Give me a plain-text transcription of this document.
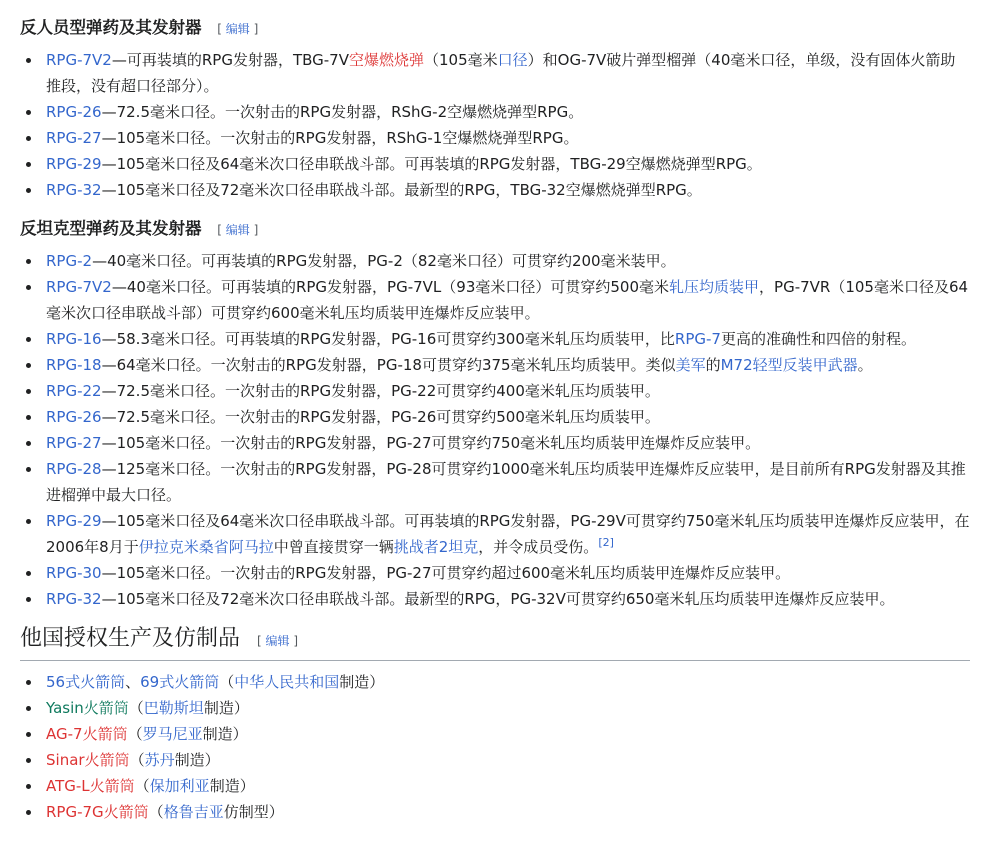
反人员型弹药及其发射器 [ 编辑 ]
RPG-7V2—可再装填的RPG发射器，TBG-7V空爆燃烧弹（105毫米口径）和OG-7V破片弹型榴弹（40毫米口径，单级，没有固体火箭助推段，没有超口径部分）。
RPG-26—72.5毫米口径。一次射击的RPG发射器，RShG-2空爆燃烧弹型RPG。
RPG-27—105毫米口径。一次射击的RPG发射器，RShG-1空爆燃烧弹型RPG。
RPG-29—105毫米口径及64毫米次口径串联战斗部。可再装填的RPG发射器，TBG-29空爆燃烧弹型RPG。
RPG-32—105毫米口径及72毫米次口径串联战斗部。最新型的RPG，TBG-32空爆燃烧弹型RPG。
反坦克型弹药及其发射器 [ 编辑 ]
RPG-2—40毫米口径。可再装填的RPG发射器，PG-2（82毫米口径）可贯穿约200毫米装甲。
RPG-7V2—40毫米口径。可再装填的RPG发射器，PG-7VL（93毫米口径）可贯穿约500毫米轧压均质装甲，PG-7VR（105毫米口径及64毫米次口径串联战斗部）可贯穿约600毫米轧压均质装甲连爆炸反应装甲。
RPG-16—58.3毫米口径。可再装填的RPG发射器，PG-16可贯穿约300毫米轧压均质装甲，比RPG-7更高的准确性和四倍的射程。
RPG-18—64毫米口径。一次射击的RPG发射器，PG-18可贯穿约375毫米轧压均质装甲。类似美军的M72轻型反装甲武器。
RPG-22—72.5毫米口径。一次射击的RPG发射器，PG-22可贯穿约400毫米轧压均质装甲。
RPG-26—72.5毫米口径。一次射击的RPG发射器，PG-26可贯穿约500毫米轧压均质装甲。
RPG-27—105毫米口径。一次射击的RPG发射器，PG-27可贯穿约750毫米轧压均质装甲连爆炸反应装甲。
RPG-28—125毫米口径。一次射击的RPG发射器，PG-28可贯穿约1000毫米轧压均质装甲连爆炸反应装甲，是目前所有RPG发射器及其推进榴弹中最大口径。
RPG-29—105毫米口径及64毫米次口径串联战斗部。可再装填的RPG发射器，PG-29V可贯穿约750毫米轧压均质装甲连爆炸反应装甲，在2006年8月于伊拉克米桑省阿马拉中曾直接贯穿一辆挑战者2坦克，并令成员受伤。[2]
RPG-30—105毫米口径。一次射击的RPG发射器，PG-27可贯穿约超过600毫米轧压均质装甲连爆炸反应装甲。
RPG-32—105毫米口径及72毫米次口径串联战斗部。最新型的RPG，PG-32V可贯穿约650毫米轧压均质装甲连爆炸反应装甲。
他国授权生产及仿制品 [ 编辑 ]
56式火箭筒、69式火箭筒（中华人民共和国制造）
Yasin火箭筒（巴勒斯坦制造）
AG-7火箭筒（罗马尼亚制造）
Sinar火箭筒（苏丹制造）
ATG-L火箭筒（保加利亚制造）
RPG-7G火箭筒（格鲁吉亚仿制型）
